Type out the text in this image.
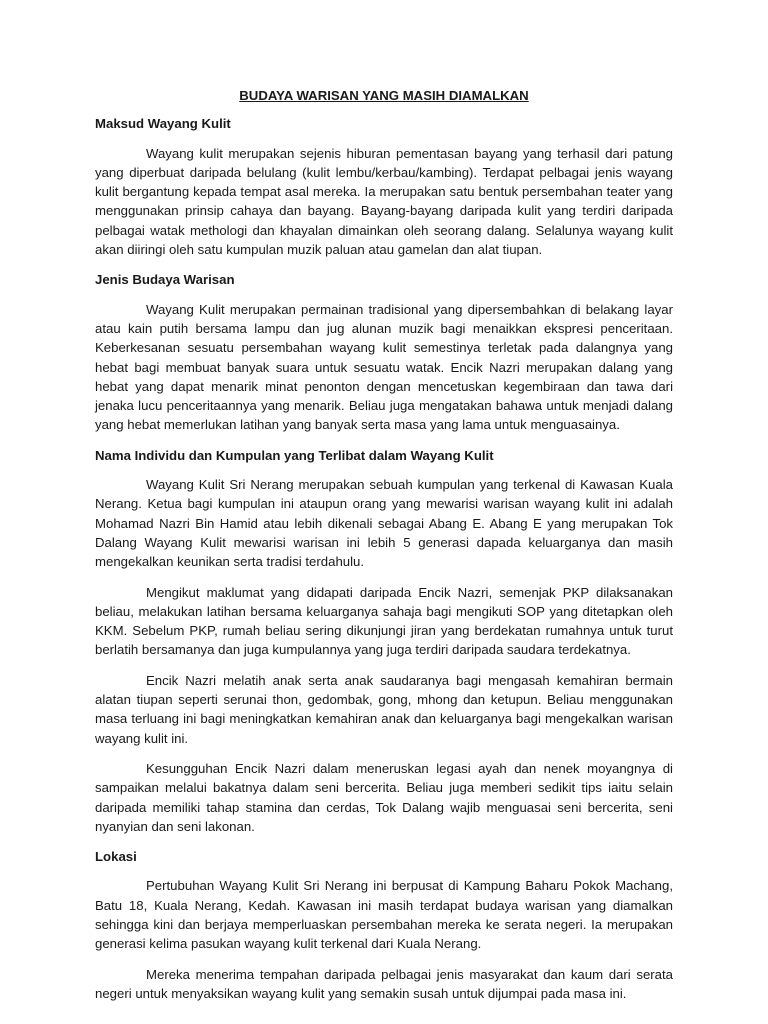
BUDAYA WARISAN YANG MASIH DIAMALKAN
Maksud Wayang Kulit

Wayang kulit merupakan sejenis hiburan pementasan bayang yang terhasil dari patung yang diperbuat daripada belulang (kulit lembu/kerbau/kambing). Terdapat pelbagai jenis wayang kulit bergantung kepada tempat asal mereka. Ia merupakan satu bentuk persembahan teater yang menggunakan prinsip cahaya dan bayang. Bayang-bayang daripada kulit yang terdiri daripada pelbagai watak methologi dan khayalan dimainkan oleh seorang dalang. Selalunya wayang kulit akan diiringi oleh satu kumpulan muzik paluan atau gamelan dan alat tiupan.

Jenis Budaya Warisan

Wayang Kulit merupakan permainan tradisional yang dipersembahkan di belakang layar atau kain putih bersama lampu dan jug alunan muzik bagi menaikkan ekspresi penceritaan. Keberkesanan sesuatu persembahan wayang kulit semestinya terletak pada dalangnya yang hebat bagi membuat banyak suara untuk sesuatu watak. Encik Nazri merupakan dalang yang hebat yang dapat menarik minat penonton dengan mencetuskan kegembiraan dan tawa dari jenaka lucu penceritaannya yang menarik. Beliau juga mengatakan bahawa untuk menjadi dalang yang hebat memerlukan latihan yang banyak serta masa yang lama untuk menguasainya.

Nama Individu dan Kumpulan yang Terlibat dalam Wayang Kulit

Wayang Kulit Sri Nerang merupakan sebuah kumpulan yang terkenal di Kawasan Kuala Nerang. Ketua bagi kumpulan ini ataupun orang yang mewarisi warisan wayang kulit ini adalah Mohamad Nazri Bin Hamid atau lebih dikenali sebagai Abang E. Abang E yang merupakan Tok Dalang Wayang Kulit mewarisi warisan ini lebih 5 generasi dapada keluarganya dan masih mengekalkan keunikan serta tradisi terdahulu.

Mengikut maklumat yang didapati daripada Encik Nazri, semenjak PKP dilaksanakan beliau, melakukan latihan bersama keluarganya sahaja bagi mengikuti SOP yang ditetapkan oleh KKM. Sebelum PKP, rumah beliau sering dikunjungi jiran yang berdekatan rumahnya untuk turut berlatih bersamanya dan juga kumpulannya yang juga terdiri daripada saudara terdekatnya.

Encik Nazri melatih anak serta anak saudaranya bagi mengasah kemahiran bermain alatan tiupan seperti serunai thon, gedombak, gong, mhong dan ketupun. Beliau menggunakan masa terluang ini bagi meningkatkan kemahiran anak dan keluarganya bagi mengekalkan warisan wayang kulit ini.

Kesungguhan Encik Nazri dalam meneruskan legasi ayah dan nenek moyangnya di sampaikan melalui bakatnya dalam seni bercerita. Beliau juga memberi sedikit tips iaitu selain daripada memiliki tahap stamina dan cerdas, Tok Dalang wajib menguasai seni bercerita, seni nyanyian dan seni lakonan.

Lokasi

Pertubuhan Wayang Kulit Sri Nerang ini berpusat di Kampung Baharu Pokok Machang, Batu 18, Kuala Nerang, Kedah. Kawasan ini masih terdapat budaya warisan yang diamalkan sehingga kini dan berjaya memperluaskan persembahan mereka ke serata negeri. Ia merupakan generasi kelima pasukan wayang kulit terkenal dari Kuala Nerang.

Mereka menerima tempahan daripada pelbagai jenis masyarakat dan kaum dari serata negeri untuk menyaksikan wayang kulit yang semakin susah untuk dijumpai pada masa ini.
